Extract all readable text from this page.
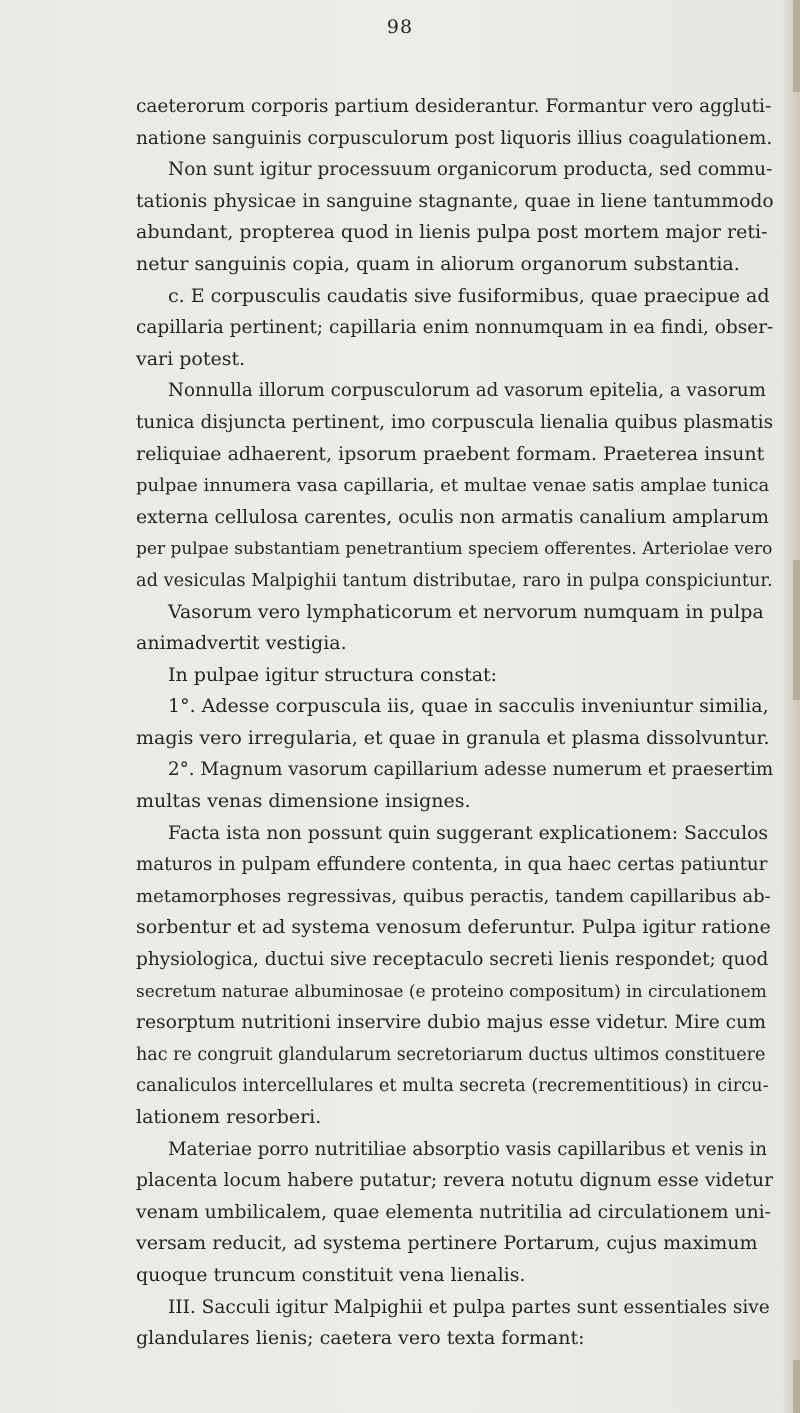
98
caeterorum corporis partium desiderantur. Formantur vero aggluti-
natione sanguinis corpusculorum post liquoris illius coagulationem.
Non sunt igitur processuum organicorum producta, sed commu-
tationis physicae in sanguine stagnante, quae in liene tantummodo
abundant, propterea quod in lienis pulpa post mortem major reti-
netur sanguinis copia, quam in aliorum organorum substantia.
c. E corpusculis caudatis sive fusiformibus, quae praecipue ad
capillaria pertinent; capillaria enim nonnumquam in ea findi, obser-
vari potest.
Nonnulla illorum corpusculorum ad vasorum epitelia, a vasorum
tunica disjuncta pertinent, imo corpuscula lienalia quibus plasmatis
reliquiae adhaerent, ipsorum praebent formam. Praeterea insunt
pulpae innumera vasa capillaria, et multae venae satis amplae tunica
externa cellulosa carentes, oculis non armatis canalium amplarum
per pulpae substantiam penetrantium speciem offerentes. Arteriolae vero
ad vesiculas Malpighii tantum distributae, raro in pulpa conspiciuntur.
Vasorum vero lymphaticorum et nervorum numquam in pulpa
animadvertit vestigia.
In pulpae igitur structura constat:
1°. Adesse corpuscula iis, quae in sacculis inveniuntur similia,
magis vero irregularia, et quae in granula et plasma dissolvuntur.
2°. Magnum vasorum capillarium adesse numerum et praesertim
multas venas dimensione insignes.
Facta ista non possunt quin suggerant explicationem: Sacculos
maturos in pulpam effundere contenta, in qua haec certas patiuntur
metamorphoses regressivas, quibus peractis, tandem capillaribus ab-
sorbentur et ad systema venosum deferuntur. Pulpa igitur ratione
physiologica, ductui sive receptaculo secreti lienis respondet; quod
secretum naturae albuminosae (e proteino compositum) in circulationem
resorptum nutritioni inservire dubio majus esse videtur. Mire cum
hac re congruit glandularum secretoriarum ductus ultimos constituere
canaliculos intercellulares et multa secreta (recrementitious) in circu-
lationem resorberi.
Materiae porro nutritiliae absorptio vasis capillaribus et venis in
placenta locum habere putatur; revera notutu dignum esse videtur
venam umbilicalem, quae elementa nutritilia ad circulationem uni-
versam reducit, ad systema pertinere Portarum, cujus maximum
quoque truncum constituit vena lienalis.
III. Sacculi igitur Malpighii et pulpa partes sunt essentiales sive
glandulares lienis; caetera vero texta formant:
